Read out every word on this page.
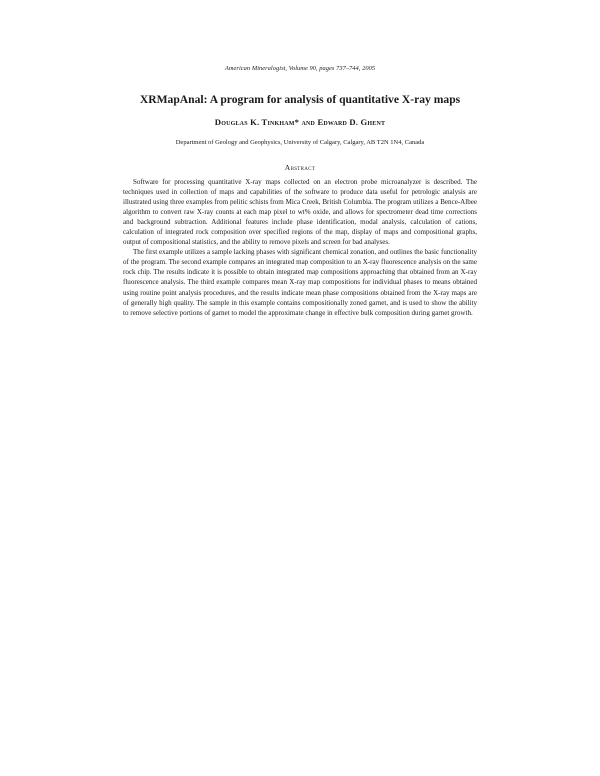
American Mineralogist, Volume 90, pages 737–744, 2005
XRMapAnal: A program for analysis of quantitative X-ray maps
Douglas K. Tinkham* and Edward D. Ghent
Department of Geology and Geophysics, University of Calgary, Calgary, AB T2N 1N4, Canada
Abstract

Software for processing quantitative X-ray maps collected on an electron probe microanalyzer is described. The techniques used in collection of maps and capabilities of the software to produce data useful for petrologic analysis are illustrated using three examples from pelitic schists from Mica Creek, British Columbia. The program utilizes a Bence-Albee algorithm to convert raw X-ray counts at each map pixel to wt% oxide, and allows for spectrometer dead time corrections and background subtraction. Additional features include phase identification, modal analysis, calculation of cations, calculation of integrated rock composition over specified regions of the map, display of maps and compositional graphs, output of compositional statistics, and the ability to remove pixels and screen for bad analyses.

The first example utilizes a sample lacking phases with significant chemical zonation, and outlines the basic functionality of the program. The second example compares an integrated map composition to an X-ray fluorescence analysis on the same rock chip. The results indicate it is possible to obtain integrated map compositions approaching that obtained from an X-ray fluorescence analysis. The third example compares mean X-ray map compositions for individual phases to means obtained using routine point analysis procedures, and the results indicate mean phase compositions obtained from the X-ray maps are of generally high quality. The sample in this example contains compositionally zoned garnet, and is used to show the ability to remove selective portions of garnet to model the approximate change in effective bulk composition during garnet growth.
